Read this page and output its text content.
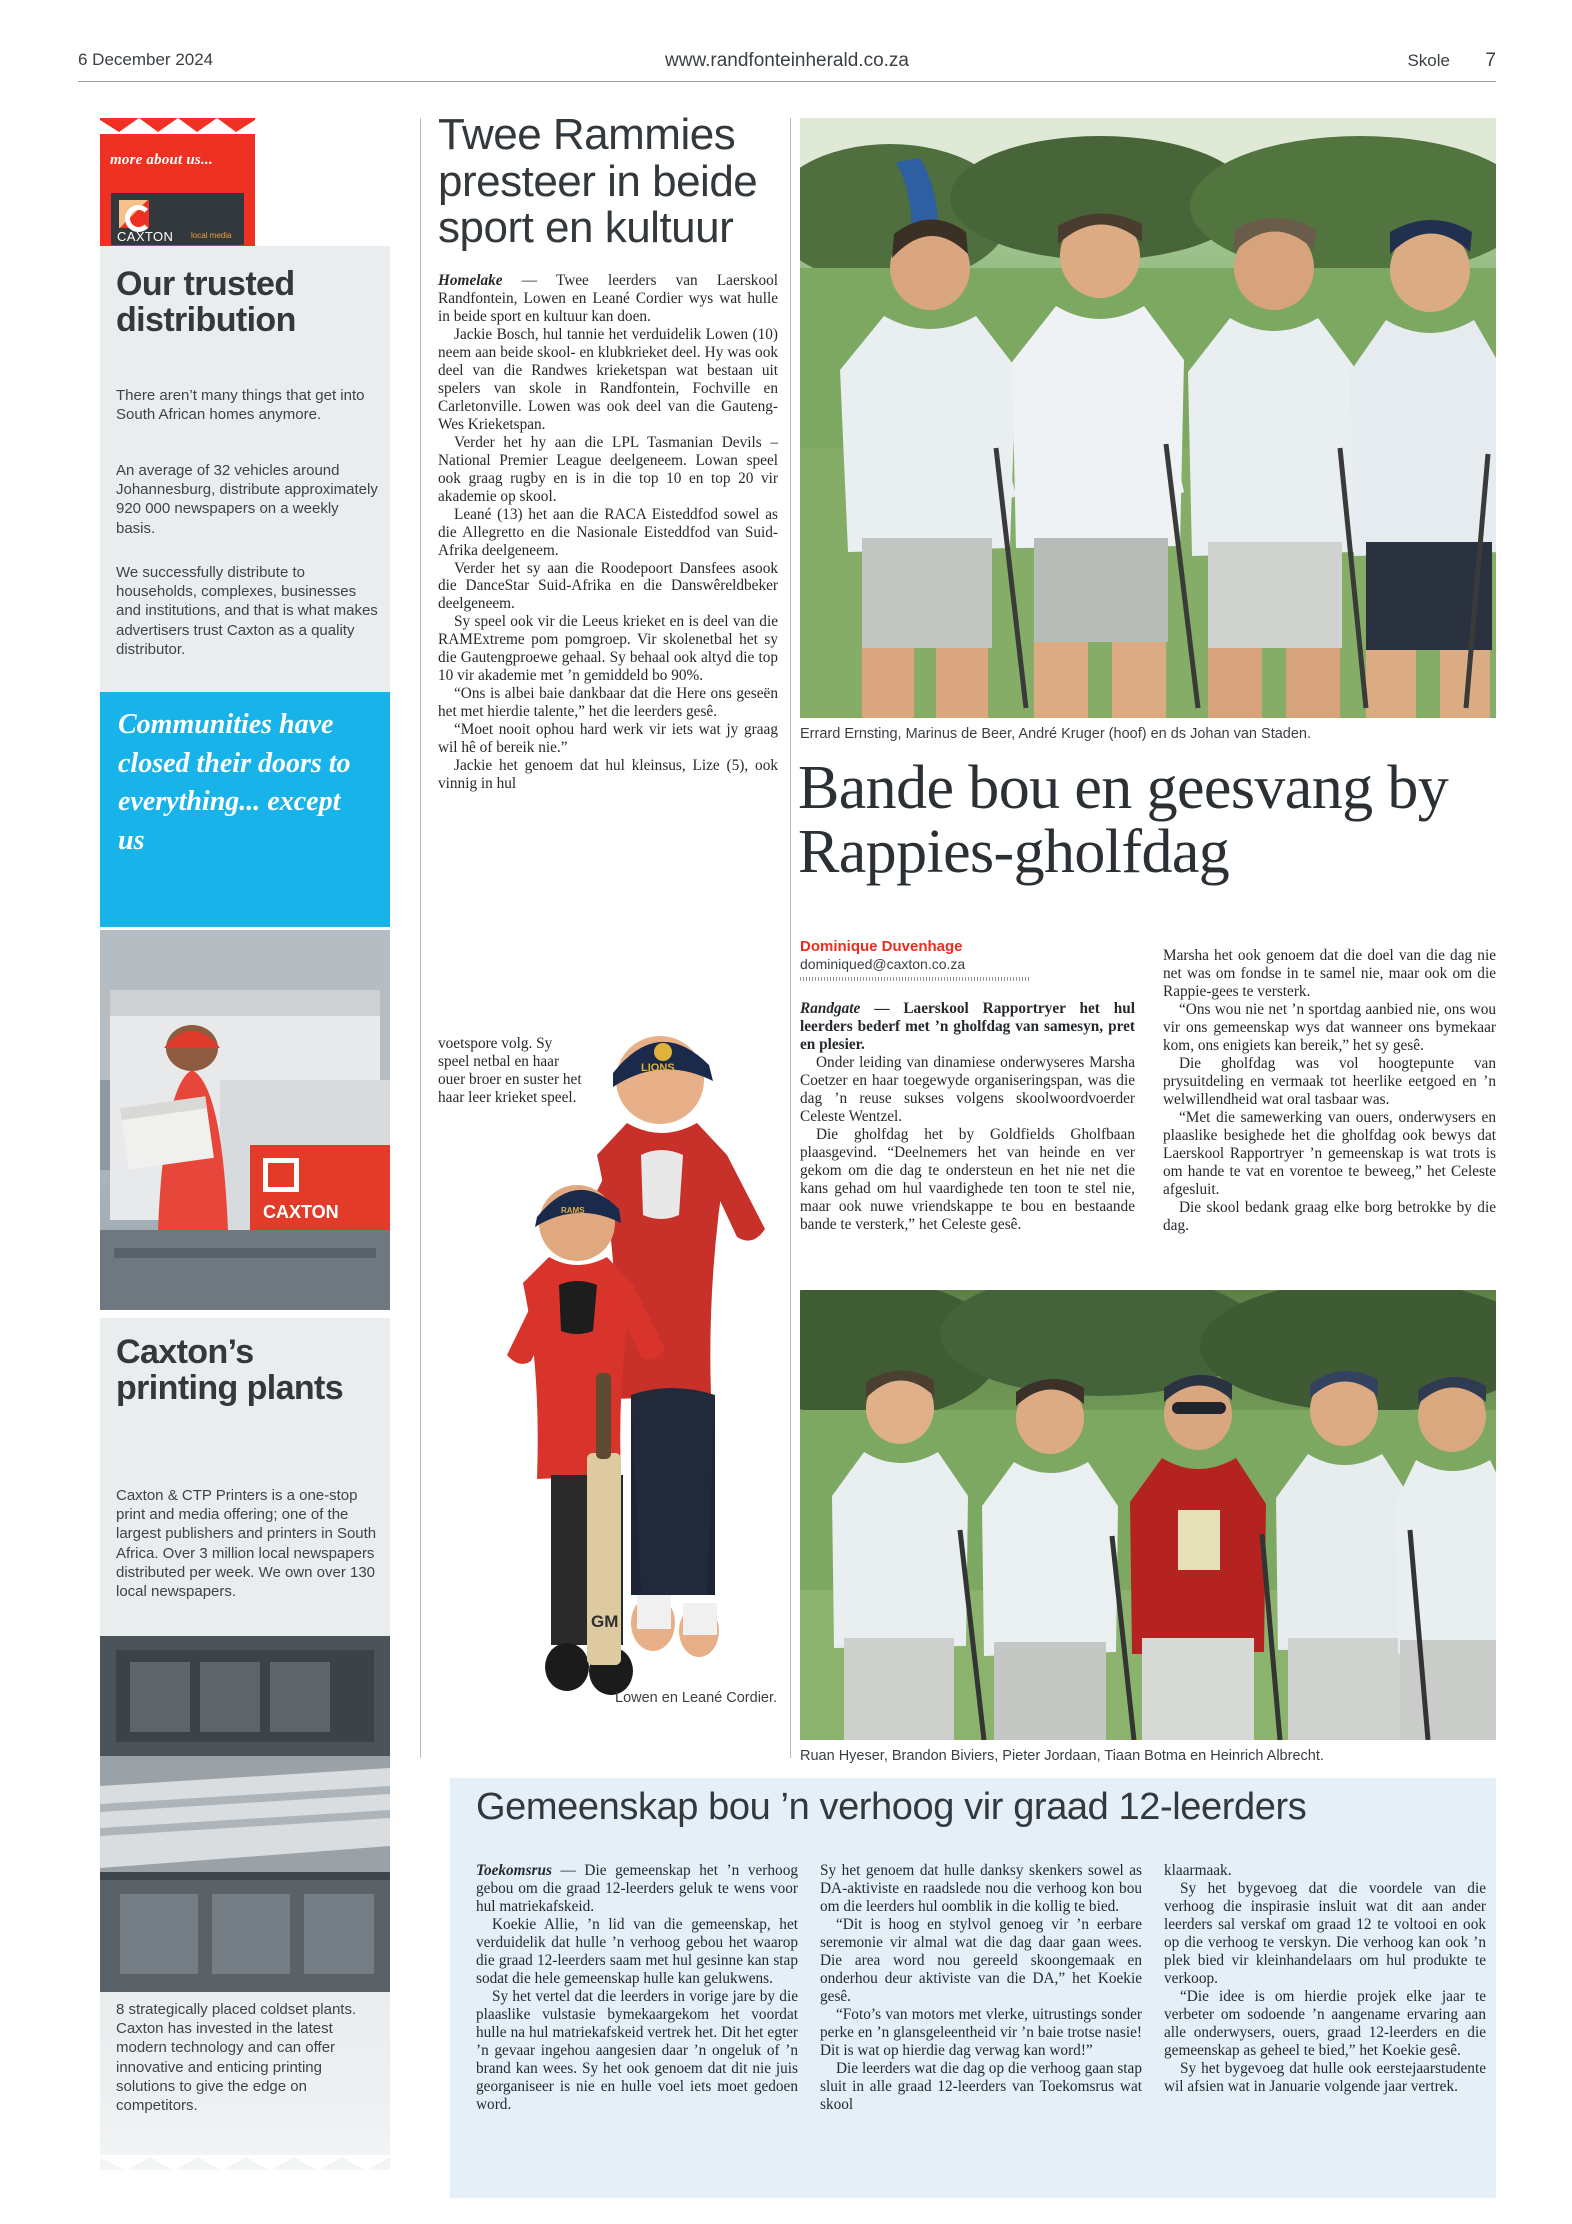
6 December 2024	www.randfonteinherald.co.za	Skole 7
more about us...
CAXTON local media
Our trusted distribution
There aren’t many things that get into South African homes anymore.
An average of 32 vehicles around Johannesburg, distribute approximately 920 000 newspapers on a weekly basis.
We successfully distribute to households, complexes, businesses and institutions, and that is what makes advertisers trust Caxton as a quality distributor.
Communities have closed their doors to everything... except us
CAXTON
Caxton’s printing plants
Caxton & CTP Printers is a one-stop print and media offering; one of the largest publishers and printers in South Africa. Over 3 million local newspapers distributed per week. We own over 130 local newspapers.
8 strategically placed coldset plants. Caxton has invested in the latest modern technology and can offer innovative and enticing printing solutions to give the edge on competitors.
Twee Rammies presteer in beide sport en kultuur

Homelake — Twee leerders van Laerskool Randfontein, Lowen en Leané Cordier wys wat hulle in beide sport en kultuur kan doen.

Jackie Bosch, hul tannie het verduidelik Lowen (10) neem aan beide skool- en klubkrieket deel. Hy was ook deel van die Randwes krieketspan wat bestaan uit spelers van skole in Randfontein, Fochville en Carletonville. Lowen was ook deel van die Gauteng-Wes Krieketspan.

Verder het hy aan die LPL Tasmanian Devils – National Premier League deelgeneem. Lowan speel ook graag rugby en is in die top 10 en top 20 vir akademie op skool.

Leané (13) het aan die RACA Eisteddfod sowel as die Allegretto en die Nasionale Eisteddfod van Suid-Afrika deelgeneem.

Verder het sy aan die Roodepoort Dansfees asook die DanceStar Suid-Afrika en die Danswêreldbeker deelgeneem.

Sy speel ook vir die Leeus krieket en is deel van die RAMExtreme pom pomgroep. Vir skolenetbal het sy die Gautengproewe gehaal. Sy behaal ook altyd die top 10 vir akademie met ’n gemiddeld bo 90%.

“Ons is albei baie dankbaar dat die Here ons geseën het met hierdie talente,” het die leerders gesê.

“Moet nooit ophou hard werk vir iets wat jy graag wil hê of bereik nie.”

Jackie het genoem dat hul kleinsus, Lize (5), ook vinnig in hul

voetspore volg. Sy speel netbal en haar ouer broer en suster het haar leer krieket speel.

LIONS
RAMS
GM
Lowen en Leané Cordier.
Errard Ernsting, Marinus de Beer, André Kruger (hoof) en ds Johan van Staden.
Bande bou en geesvang by Rappies-gholfdag
Dominique Duvenhage
dominiqued@caxton.co.za

Randgate — Laerskool Rapportryer het hul leerders bederf met ’n gholfdag van samesyn, pret en plesier.

Onder leiding van dinamiese onderwyseres Marsha Coetzer en haar toegewyde organiseringspan, was die dag ’n reuse sukses volgens skoolwoordvoerder Celeste Wentzel.

Die gholfdag het by Goldfields Gholfbaan plaasgevind. “Deelnemers het van heinde en ver gekom om die dag te ondersteun en het nie net die kans gehad om hul vaardighede ten toon te stel nie, maar ook nuwe vriendskappe te bou en bestaande bande te versterk,” het Celeste gesê.

Marsha het ook genoem dat die doel van die dag nie net was om fondse in te samel nie, maar ook om die Rappie-gees te versterk.

“Ons wou nie net ’n sportdag aanbied nie, ons wou vir ons gemeenskap wys dat wanneer ons bymekaar kom, ons enigiets kan bereik,” het sy gesê.

Die gholfdag was vol hoogtepunte van prysuitdeling en vermaak tot heerlike eetgoed en ’n welwillendheid wat oral tasbaar was.

“Met die samewerking van ouers, onderwysers en plaaslike besighede het die gholfdag ook bewys dat Laerskool Rapportryer ’n gemeenskap is wat trots is om hande te vat en vorentoe te beweeg,” het Celeste afgesluit.

Die skool bedank graag elke borg betrokke by die dag.

Ruan Hyeser, Brandon Biviers, Pieter Jordaan, Tiaan Botma en Heinrich Albrecht.
Gemeenskap bou ’n verhoog vir graad 12-leerders

Toekomsrus — Die gemeenskap het ’n verhoog gebou om die graad 12-leerders geluk te wens voor hul matriekafskeid.

Koekie Allie, ’n lid van die gemeenskap, het verduidelik dat hulle ’n verhoog gebou het waarop die graad 12-leerders saam met hul gesinne kan stap sodat die hele gemeenskap hulle kan gelukwens.

Sy het vertel dat die leerders in vorige jare by die plaaslike vulstasie bymekaargekom het voordat hulle na hul matriekafskeid vertrek het. Dit het egter ’n gevaar ingehou aangesien daar ’n ongeluk of ’n brand kan wees. Sy het ook genoem dat dit nie juis georganiseer is nie en hulle voel iets moet gedoen word.

Sy het genoem dat hulle danksy skenkers sowel as DA-aktiviste en raadslede nou die verhoog kon bou om die leerders hul oomblik in die kollig te bied.

“Dit is hoog en stylvol genoeg vir ’n eerbare seremonie vir almal wat die dag daar gaan wees. Die area word nou gereeld skoongemaak en onderhou deur aktiviste van die DA,” het Koekie gesê.

“Foto’s van motors met vlerke, uitrustings sonder perke en ’n glansgeleentheid vir ’n baie trotse nasie! Dit is wat op hierdie dag verwag kan word!”

Die leerders wat die dag op die verhoog gaan stap sluit in alle graad 12-leerders van Toekomsrus wat skool

klaarmaak.

Sy het bygevoeg dat die voordele van die verhoog die inspirasie insluit wat dit aan ander leerders sal verskaf om graad 12 te voltooi en ook op die verhoog te verskyn. Die verhoog kan ook ’n plek bied vir kleinhandelaars om hul produkte te verkoop.

“Die idee is om hierdie projek elke jaar te verbeter om sodoende ’n aangename ervaring aan alle onderwysers, ouers, graad 12-leerders en die gemeenskap as geheel te bied,” het Koekie gesê.

Sy het bygevoeg dat hulle ook eerstejaarstudente wil afsien wat in Januarie volgende jaar vertrek.
